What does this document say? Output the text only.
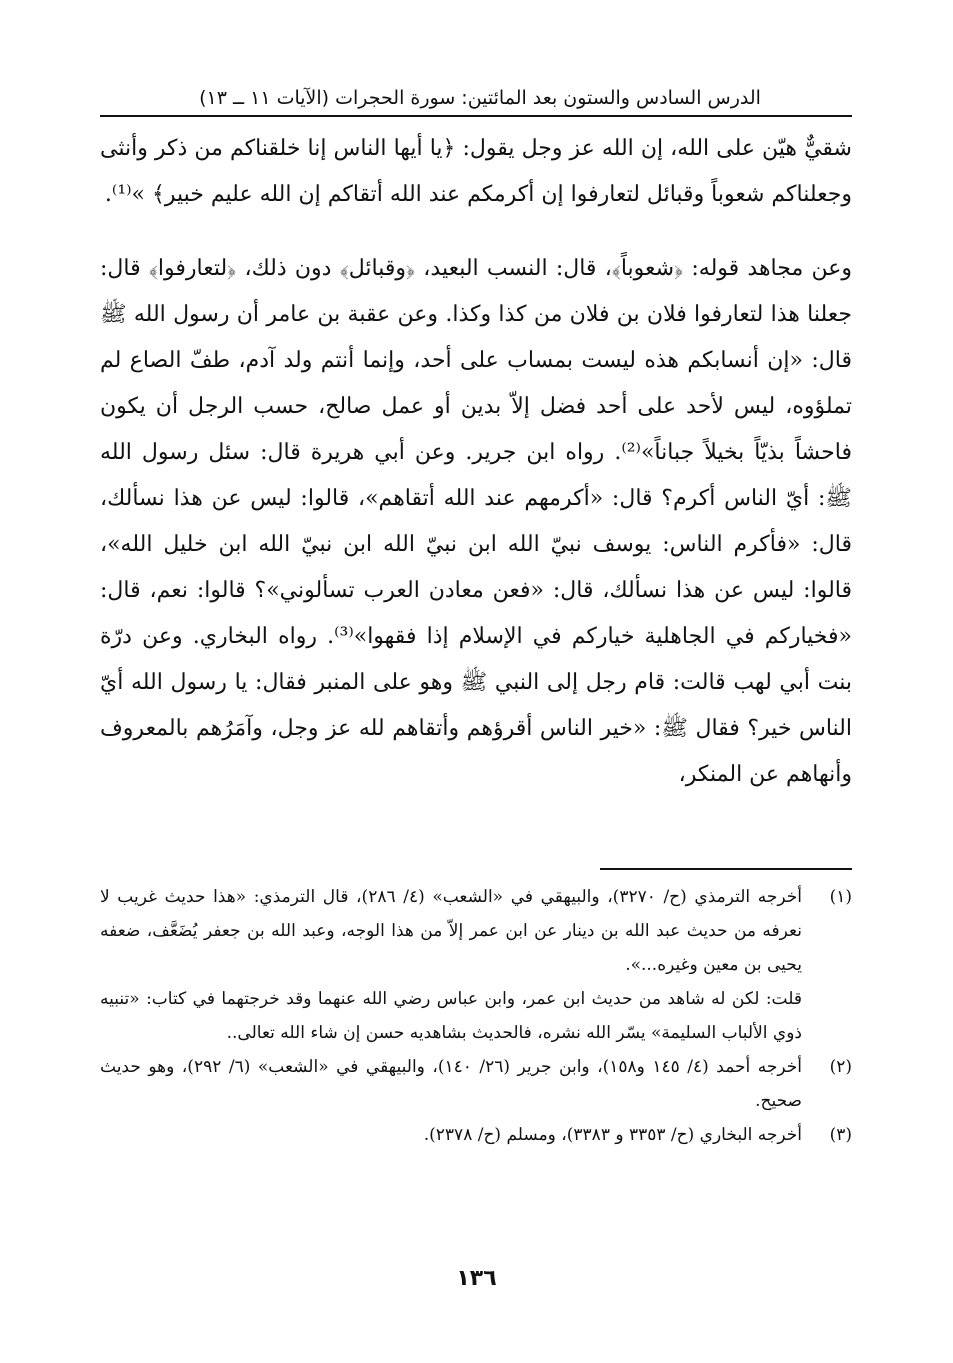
الدرس السادس والستون بعد المائتين: سورة الحجرات (الآيات ١١ ــ ١٣)

شقيٌّ هيّن على الله، إن الله عز وجل يقول: ﴿يا أيها الناس إنا خلقناكم من ذكر وأنثى وجعلناكم شعوباً وقبائل لتعارفوا إن أكرمكم عند الله أتقاكم إن الله عليم خبير﴾ »⁽¹⁾.

وعن مجاهد قوله: ﴿شعوباً﴾، قال: النسب البعيد، ﴿وقبائل﴾ دون ذلك، ﴿لتعارفوا﴾ قال: جعلنا هذا لتعارفوا فلان بن فلان من كذا وكذا. وعن عقبة بن عامر أن رسول الله ﷺ قال: «إن أنسابكم هذه ليست بمساب على أحد، وإنما أنتم ولد آدم، طفّ الصاع لم تملؤوه، ليس لأحد على أحد فضل إلاّ بدين أو عمل صالح، حسب الرجل أن يكون فاحشاً بذيّاً بخيلاً جباناً»⁽²⁾. رواه ابن جرير. وعن أبي هريرة قال: سئل رسول الله ﷺ: أيّ الناس أكرم؟ قال: «أكرمهم عند الله أتقاهم»، قالوا: ليس عن هذا نسألك، قال: «فأكرم الناس: يوسف نبيّ الله ابن نبيّ الله ابن نبيّ الله ابن خليل الله»، قالوا: ليس عن هذا نسألك، قال: «فعن معادن العرب تسألوني»؟ قالوا: نعم، قال: «فخياركم في الجاهلية خياركم في الإسلام إذا فقهوا»⁽³⁾. رواه البخاري. وعن درّة بنت أبي لهب قالت: قام رجل إلى النبي ﷺ وهو على المنبر فقال: يا رسول الله أيّ الناس خير؟ فقال ﷺ: «خير الناس أقرؤهم وأتقاهم لله عز وجل، وآمَرُهم بالمعروف وأنهاهم عن المنكر،

(١)

أخرجه الترمذي (ح/ ٣٢٧٠)، والبيهقي في «الشعب» (٤/ ٢٨٦)، قال الترمذي: «هذا حديث غريب لا نعرفه من حديث عبد الله بن دينار عن ابن عمر إلاّ من هذا الوجه، وعبد الله بن جعفر يُضَعَّف، ضعفه يحيى بن معين وغيره...».

قلت: لكن له شاهد من حديث ابن عمر، وابن عباس رضي الله عنهما وقد خرجتهما في كتاب: «تنبيه ذوي الألباب السليمة» يسّر الله نشره، فالحديث بشاهديه حسن إن شاء الله تعالى..

(٢)

أخرجه أحمد (٤/ ١٤٥ و١٥٨)، وابن جرير (٢٦/ ١٤٠)، والبيهقي في «الشعب» (٦/ ٢٩٢)، وهو حديث صحيح.

(٣)

أخرجه البخاري (ح/ ٣٣٥٣ و ٣٣٨٣)، ومسلم (ح/ ٢٣٧٨).

١٣٦
